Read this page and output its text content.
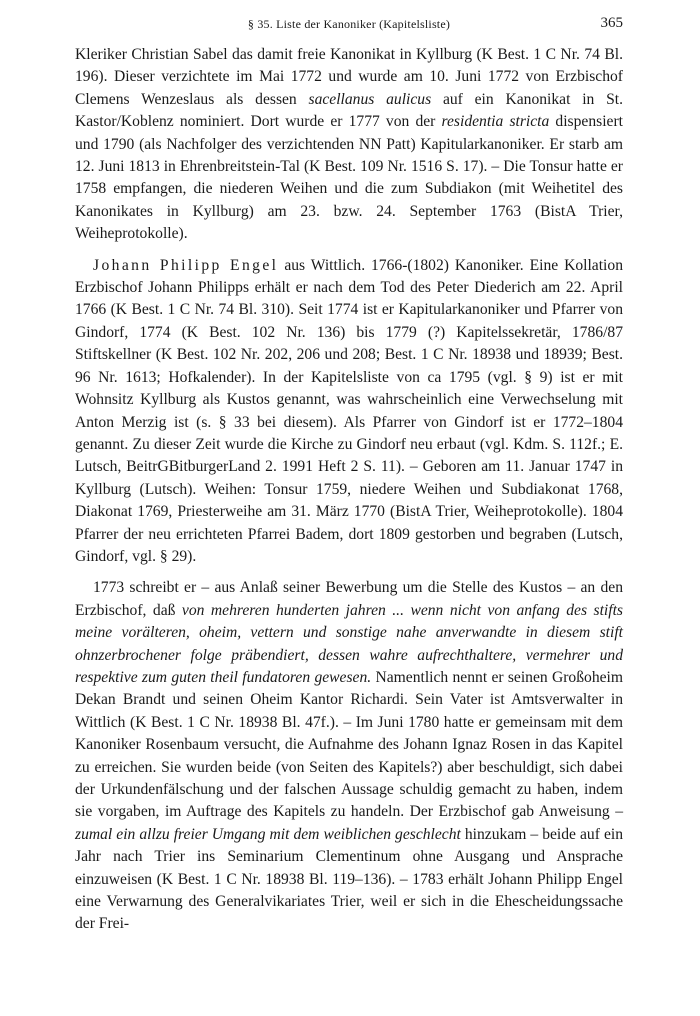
§ 35. Liste der Kanoniker (Kapitelsliste)	365

Kleriker Christian Sabel das damit freie Kanonikat in Kyllburg (K Best. 1 C Nr. 74 Bl. 196). Dieser verzichtete im Mai 1772 und wurde am 10. Juni 1772 von Erzbischof Clemens Wenzeslaus als dessen sacellanus aulicus auf ein Kanonikat in St. Kastor/Koblenz nominiert. Dort wurde er 1777 von der residentia stricta dispensiert und 1790 (als Nachfolger des verzichtenden NN Patt) Kapitularkanoniker. Er starb am 12. Juni 1813 in Ehrenbreitstein-Tal (K Best. 109 Nr. 1516 S. 17). – Die Tonsur hatte er 1758 empfangen, die niederen Weihen und die zum Subdiakon (mit Weihetitel des Kanonikates in Kyllburg) am 23. bzw. 24. September 1763 (BistA Trier, Weiheprotokolle).

Johann Philipp Engel aus Wittlich. 1766-(1802) Kanoniker. Eine Kollation Erzbischof Johann Philipps erhält er nach dem Tod des Peter Diederich am 22. April 1766 (K Best. 1 C Nr. 74 Bl. 310). Seit 1774 ist er Kapitularkanoniker und Pfarrer von Gindorf, 1774 (K Best. 102 Nr. 136) bis 1779 (?) Kapitelssekretär, 1786/87 Stiftskellner (K Best. 102 Nr. 202, 206 und 208; Best. 1 C Nr. 18938 und 18939; Best. 96 Nr. 1613; Hofkalender). In der Kapitelsliste von ca 1795 (vgl. § 9) ist er mit Wohnsitz Kyllburg als Kustos genannt, was wahrscheinlich eine Verwechselung mit Anton Merzig ist (s. § 33 bei diesem). Als Pfarrer von Gindorf ist er 1772–1804 genannt. Zu dieser Zeit wurde die Kirche zu Gindorf neu erbaut (vgl. Kdm. S. 112f.; E. Lutsch, BeitrGBitburgerLand 2. 1991 Heft 2 S. 11). – Geboren am 11. Januar 1747 in Kyllburg (Lutsch). Weihen: Tonsur 1759, niedere Weihen und Subdiakonat 1768, Diakonat 1769, Priesterweihe am 31. März 1770 (BistA Trier, Weiheprotokolle). 1804 Pfarrer der neu errichteten Pfarrei Badem, dort 1809 gestorben und begraben (Lutsch, Gindorf, vgl. § 29).

1773 schreibt er – aus Anlaß seiner Bewerbung um die Stelle des Kustos – an den Erzbischof, daß von mehreren hunderten jahren ... wenn nicht von anfang des stifts meine vorälteren, oheim, vettern und sonstige nahe anverwandte in diesem stift ohnzerbrochener folge präbendiert, dessen wahre aufrechthaltere, vermehrer und respektive zum guten theil fundatoren gewesen. Namentlich nennt er seinen Großoheim Dekan Brandt und seinen Oheim Kantor Richardi. Sein Vater ist Amtsverwalter in Wittlich (K Best. 1 C Nr. 18938 Bl. 47f.). – Im Juni 1780 hatte er gemeinsam mit dem Kanoniker Rosenbaum versucht, die Aufnahme des Johann Ignaz Rosen in das Kapitel zu erreichen. Sie wurden beide (von Seiten des Kapitels?) aber beschuldigt, sich dabei der Urkundenfälschung und der falschen Aussage schuldig gemacht zu haben, indem sie vorgaben, im Auftrage des Kapitels zu handeln. Der Erzbischof gab Anweisung – zumal ein allzu freier Umgang mit dem weiblichen geschlecht hinzukam – beide auf ein Jahr nach Trier ins Seminarium Clementinum ohne Ausgang und Ansprache einzuweisen (K Best. 1 C Nr. 18938 Bl. 119–136). – 1783 erhält Johann Philipp Engel eine Verwarnung des Generalvikariates Trier, weil er sich in die Ehescheidungssache der Frei-
